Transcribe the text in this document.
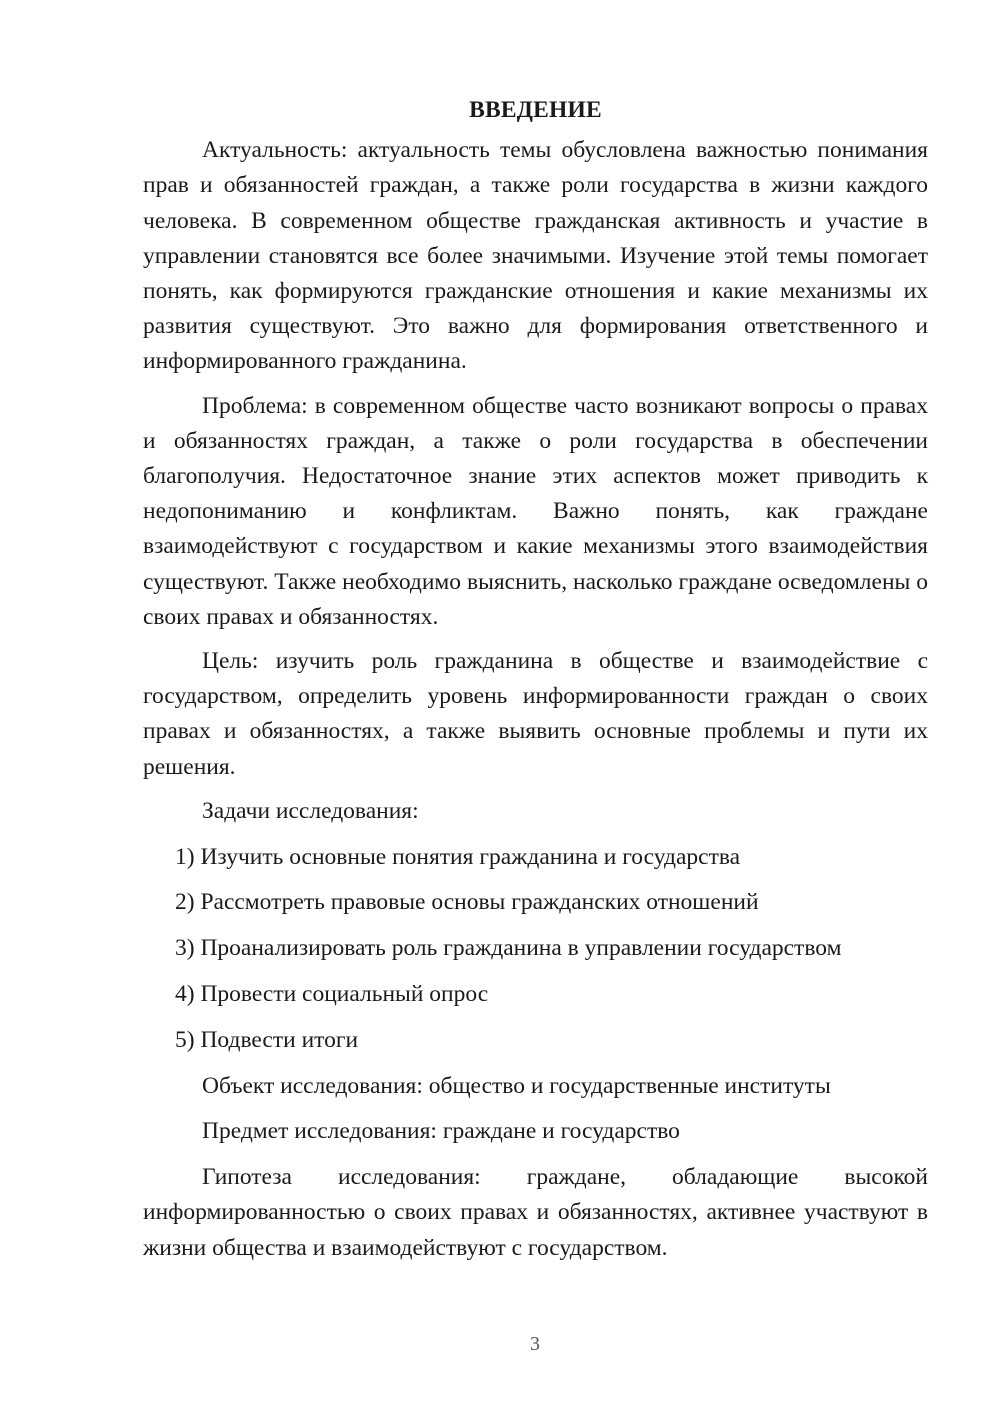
ВВЕДЕНИЕ

Актуальность: актуальность темы обусловлена важностью понимания прав и обязанностей граждан, а также роли государства в жизни каждого человека. В современном обществе гражданская активность и участие в управлении становятся все более значимыми. Изучение этой темы помогает понять, как формируются гражданские отношения и какие механизмы их развития существуют. Это важно для формирования ответственного и информированного гражданина.

Проблема: в современном обществе часто возникают вопросы о правах и обязанностях граждан, а также о роли государства в обеспечении благополучия. Недостаточное знание этих аспектов может приводить к недопониманию и конфликтам. Важно понять, как граждане взаимодействуют с государством и какие механизмы этого взаимодействия существуют. Также необходимо выяснить, насколько граждане осведомлены о своих правах и обязанностях.

Цель: изучить роль гражданина в обществе и взаимодействие с государством, определить уровень информированности граждан о своих правах и обязанностях, а также выявить основные проблемы и пути их решения.

Задачи исследования:
1) Изучить основные понятия гражданина и государства
2) Рассмотреть правовые основы гражданских отношений
3) Проанализировать роль гражданина в управлении государством
4) Провести социальный опрос
5) Подвести итоги
Объект исследования: общество и государственные институты
Предмет исследования: граждане и государство

Гипотеза исследования: граждане, обладающие высокой информированностью о своих правах и обязанностях, активнее участвуют в жизни общества и взаимодействуют с государством.

3
